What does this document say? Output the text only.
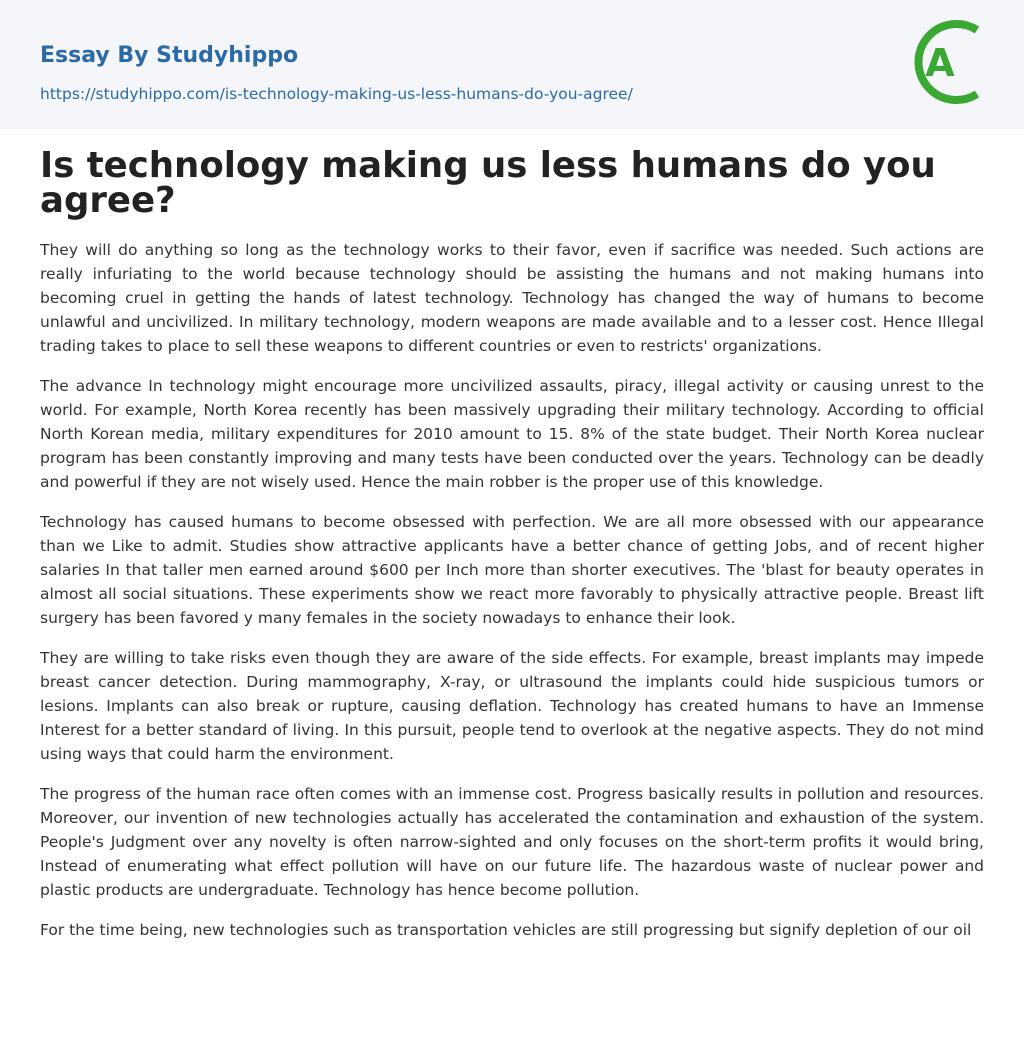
Essay By Studyhippo
https://studyhippo.com/is-technology-making-us-less-humans-do-you-agree/
A
Is technology making us less humans do you agree?

They will do anything so long as the technology works to their favor, even if sacrifice was needed. Such actions are really infuriating to the world because technology should be assisting the humans and not making humans into becoming cruel in getting the hands of latest technology. Technology has changed the way of humans to become unlawful and uncivilized. In military technology, modern weapons are made available and to a lesser cost. Hence Illegal trading takes to place to sell these weapons to different countries or even to restricts' organizations.

The advance In technology might encourage more uncivilized assaults, piracy, illegal activity or causing unrest to the world. For example, North Korea recently has been massively upgrading their military technology. According to official North Korean media, military expenditures for 2010 amount to 15. 8% of the state budget. Their North Korea nuclear program has been constantly improving and many tests have been conducted over the years. Technology can be deadly and powerful if they are not wisely used. Hence the main robber is the proper use of this knowledge.

Technology has caused humans to become obsessed with perfection. We are all more obsessed with our appearance than we Like to admit. Studies show attractive applicants have a better chance of getting Jobs, and of recent higher salaries In that taller men earned around $600 per Inch more than shorter executives. The 'blast for beauty operates in almost all social situations. These experiments show we react more favorably to physically attractive people. Breast lift surgery has been favored y many females in the society nowadays to enhance their look.

They are willing to take risks even though they are aware of the side effects. For example, breast implants may impede breast cancer detection. During mammography, X-ray, or ultrasound the implants could hide suspicious tumors or lesions. Implants can also break or rupture, causing deflation. Technology has created humans to have an Immense Interest for a better standard of living. In this pursuit, people tend to overlook at the negative aspects. They do not mind using ways that could harm the environment.

The progress of the human race often comes with an immense cost. Progress basically results in pollution and resources. Moreover, our invention of new technologies actually has accelerated the contamination and exhaustion of the system. People's Judgment over any novelty is often narrow-sighted and only focuses on the short-term profits it would bring, Instead of enumerating what effect pollution will have on our future life. The hazardous waste of nuclear power and plastic products are undergraduate. Technology has hence become pollution.

For the time being, new technologies such as transportation vehicles are still progressing but signify depletion of our oil
